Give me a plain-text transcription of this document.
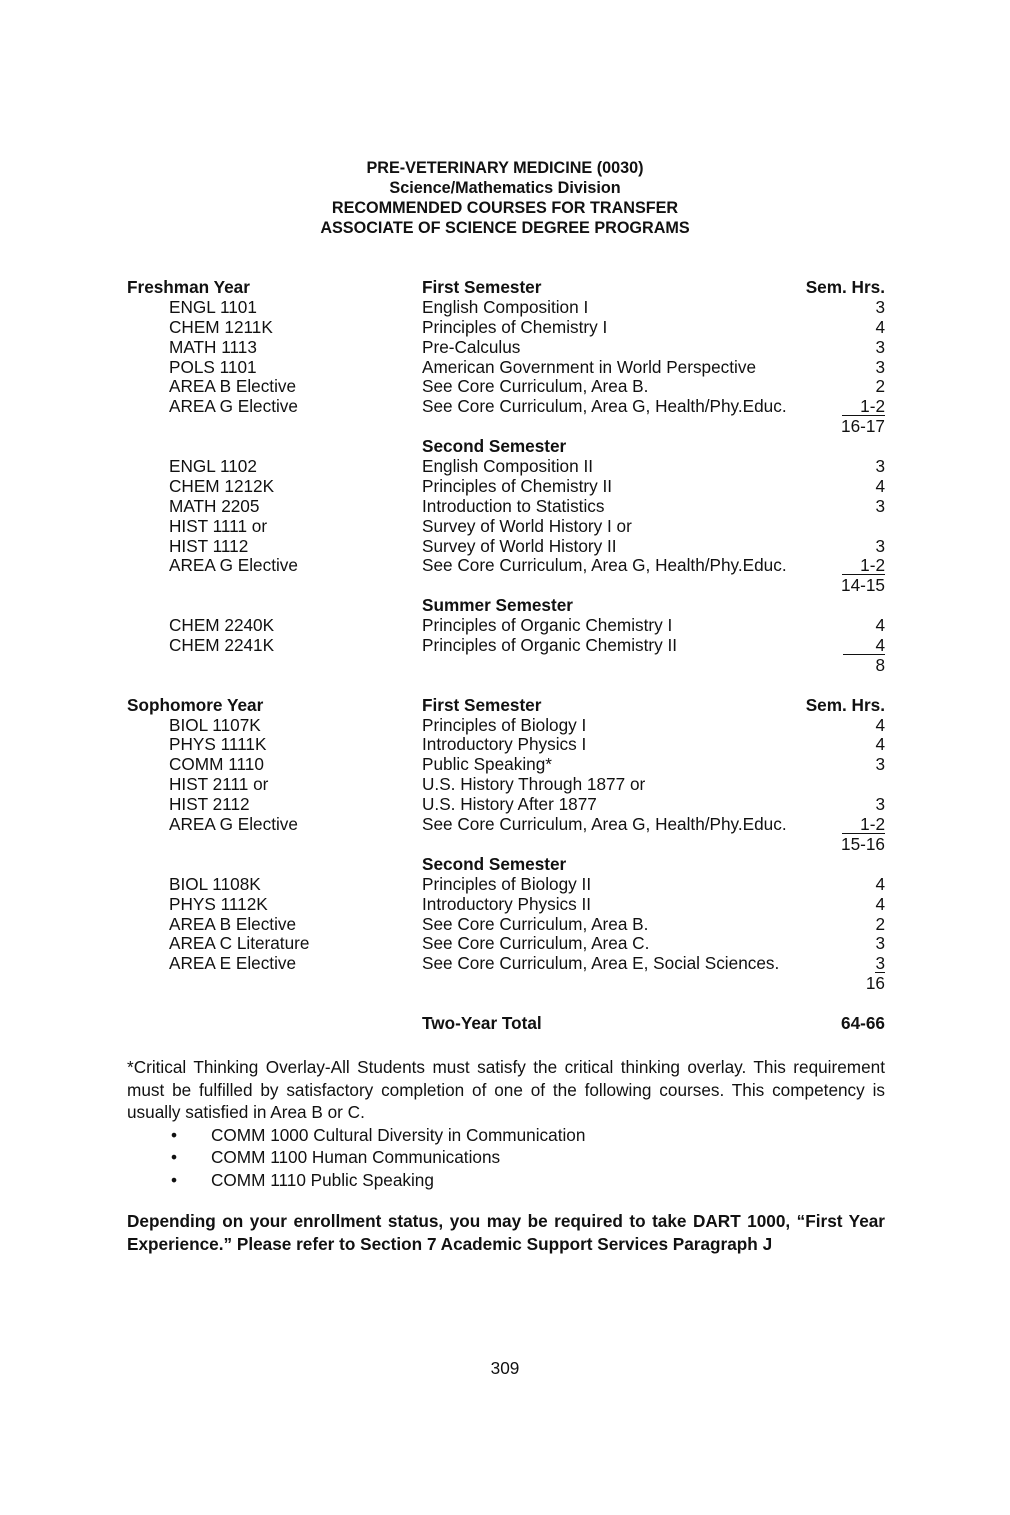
PRE-VETERINARY MEDICINE (0030)
Science/Mathematics Division
RECOMMENDED COURSES FOR TRANSFER
ASSOCIATE OF SCIENCE DEGREE PROGRAMS
Freshman Year	First Semester	Sem. Hrs.
ENGL 1101	English Composition I	3
CHEM 1211K	Principles of Chemistry I	4
MATH 1113	Pre-Calculus	3
POLS 1101	American Government in World Perspective	3
AREA B Elective	See Core Curriculum, Area B.	2
AREA G Elective	See Core Curriculum, Area G, Health/Phy.Educ.	1-2
16-17
Second Semester
ENGL 1102	English Composition II	3
CHEM 1212K	Principles of Chemistry II	4
MATH 2205	Introduction to Statistics	3
HIST 1111 or	Survey of World History I or
HIST 1112	Survey of World History II	3
AREA G Elective	See Core Curriculum, Area G, Health/Phy.Educ.	1-2
14-15
Summer Semester
CHEM 2240K	Principles of Organic Chemistry I	4
CHEM 2241K	Principles of Organic Chemistry II	4
8
Sophomore Year	First Semester	Sem. Hrs.
BIOL 1107K	Principles of Biology I	4
PHYS 1111K	Introductory Physics I	4
COMM 1110	Public Speaking*	3
HIST 2111 or	U.S. History Through 1877 or
HIST 2112	U.S. History After 1877	3
AREA G Elective	See Core Curriculum, Area G, Health/Phy.Educ.	1-2
15-16
Second Semester
BIOL 1108K	Principles of Biology II	4
PHYS 1112K	Introductory Physics II	4
AREA B Elective	See Core Curriculum, Area B.	2
AREA C Literature	See Core Curriculum, Area C.	3
AREA E Elective	See Core Curriculum, Area E, Social Sciences.	3
16
Two-Year Total	64-66

*Critical Thinking Overlay-All Students must satisfy the critical thinking overlay. This requirement must be fulfilled by satisfactory completion of one of the following courses. This competency is usually satisfied in Area B or C.

• COMM 1000 Cultural Diversity in Communication
• COMM 1100 Human Communications
• COMM 1110 Public Speaking
Depending on your enrollment status, you may be required to take DART 1000, “First Year Experience.” Please refer to Section 7 Academic Support Services Paragraph J
309
